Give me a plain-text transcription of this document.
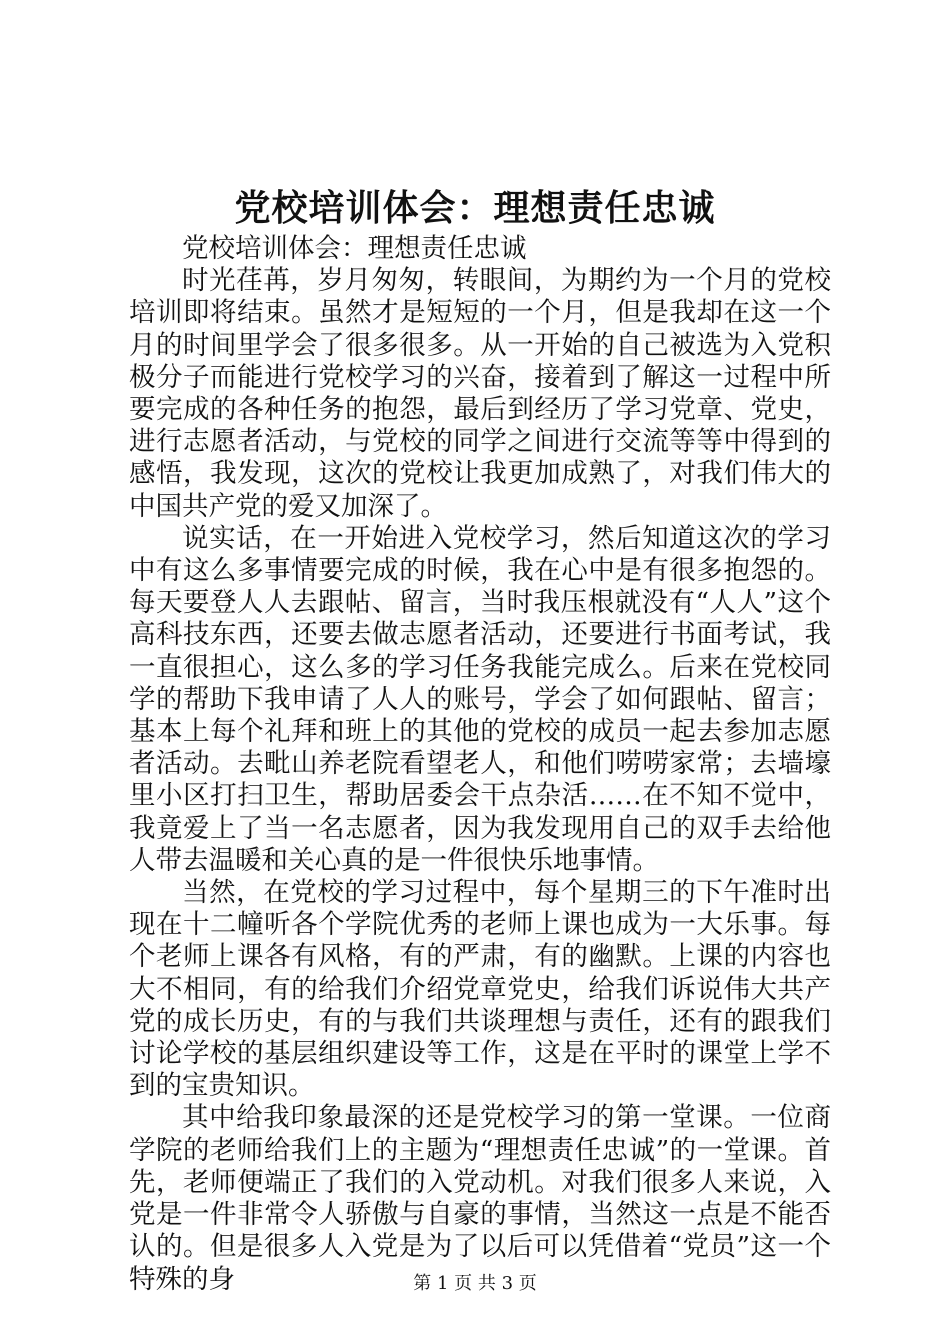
党校培训体会：理想责任忠诚

党校培训体会：理想责任忠诚

时光荏苒，岁月匆匆，转眼间，为期约为一个月的党校培训即将结束。虽然才是短短的一个月，但是我却在这一个月的时间里学会了很多很多。从一开始的自己被选为入党积极分子而能进行党校学习的兴奋，接着到了解这一过程中所要完成的各种任务的抱怨，最后到经历了学习党章、党史，进行志愿者活动，与党校的同学之间进行交流等等中得到的感悟，我发现，这次的党校让我更加成熟了，对我们伟大的中国共产党的爱又加深了。

说实话，在一开始进入党校学习，然后知道这次的学习中有这么多事情要完成的时候，我在心中是有很多抱怨的。每天要登人人去跟帖、留言，当时我压根就没有“人人”这个高科技东西，还要去做志愿者活动，还要进行书面考试，我一直很担心，这么多的学习任务我能完成么。后来在党校同学的帮助下我申请了人人的账号，学会了如何跟帖、留言；基本上每个礼拜和班上的其他的党校的成员一起去参加志愿者活动。去毗山养老院看望老人，和他们唠唠家常；去墙壕里小区打扫卫生，帮助居委会干点杂活……在不知不觉中，我竟爱上了当一名志愿者，因为我发现用自己的双手去给他人带去温暖和关心真的是一件很快乐地事情。

当然，在党校的学习过程中，每个星期三的下午准时出现在十二幢听各个学院优秀的老师上课也成为一大乐事。每个老师上课各有风格，有的严肃，有的幽默。上课的内容也大不相同，有的给我们介绍党章党史，给我们诉说伟大共产党的成长历史，有的与我们共谈理想与责任，还有的跟我们讨论学校的基层组织建设等工作，这是在平时的课堂上学不到的宝贵知识。

其中给我印象最深的还是党校学习的第一堂课。一位商学院的老师给我们上的主题为“理想责任忠诚”的一堂课。首先，老师便端正了我们的入党动机。对我们很多人来说，入党是一件非常令人骄傲与自豪的事情，当然这一点是不能否认的。但是很多人入党是为了以后可以凭借着“党员”这一个特殊的身	第 1 页 共 3 页
